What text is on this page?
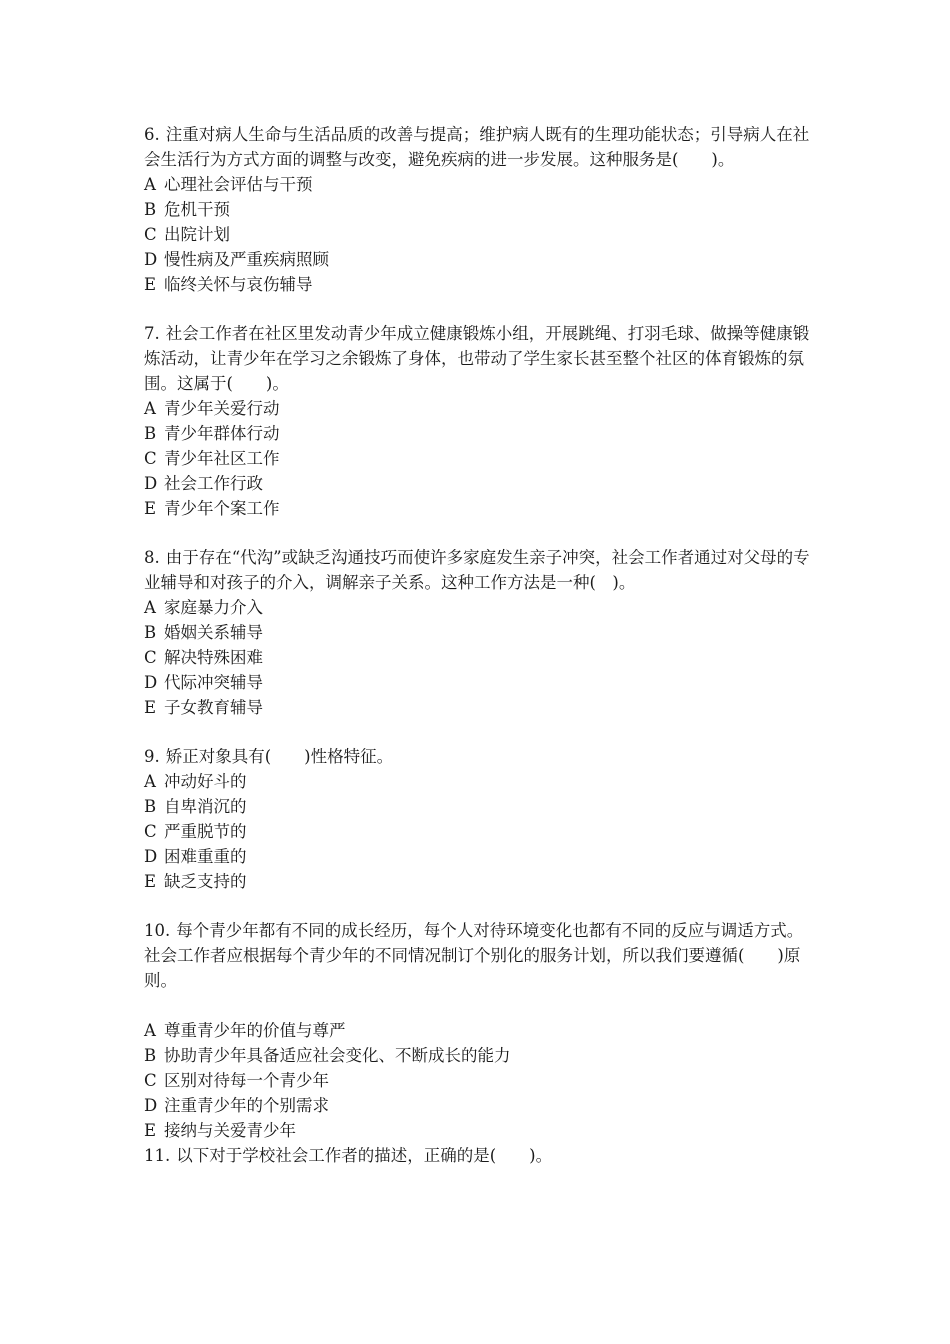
6. 注重对病人生命与生活品质的改善与提高；维护病人既有的生理功能状态；引导病人在社会生活行为方式方面的调整与改变，避免疾病的进一步发展。这种服务是(　　)。

A 心理社会评估与干预
B 危机干预
C 出院计划
D 慢性病及严重疾病照顾
E 临终关怀与哀伤辅导

7. 社会工作者在社区里发动青少年成立健康锻炼小组，开展跳绳、打羽毛球、做操等健康锻炼活动，让青少年在学习之余锻炼了身体，也带动了学生家长甚至整个社区的体育锻炼的氛围。这属于(　　)。

A 青少年关爱行动
B 青少年群体行动
C 青少年社区工作
D 社会工作行政
E 青少年个案工作

8. 由于存在“代沟”或缺乏沟通技巧而使许多家庭发生亲子冲突，社会工作者通过对父母的专业辅导和对孩子的介入，调解亲子关系。这种工作方法是一种(　)。

A 家庭暴力介入
B 婚姻关系辅导
C 解决特殊困难
D 代际冲突辅导
E 子女教育辅导

9. 矫正对象具有(　　)性格特征。

A 冲动好斗的
B 自卑消沉的
C 严重脱节的
D 困难重重的
E 缺乏支持的

10. 每个青少年都有不同的成长经历，每个人对待环境变化也都有不同的反应与调适方式。社会工作者应根据每个青少年的不同情况制订个别化的服务计划，所以我们要遵循(　　)原则。

A 尊重青少年的价值与尊严
B 协助青少年具备适应社会变化、不断成长的能力
C 区别对待每一个青少年
D 注重青少年的个别需求
E 接纳与关爱青少年

11. 以下对于学校社会工作者的描述，正确的是(　　)。
